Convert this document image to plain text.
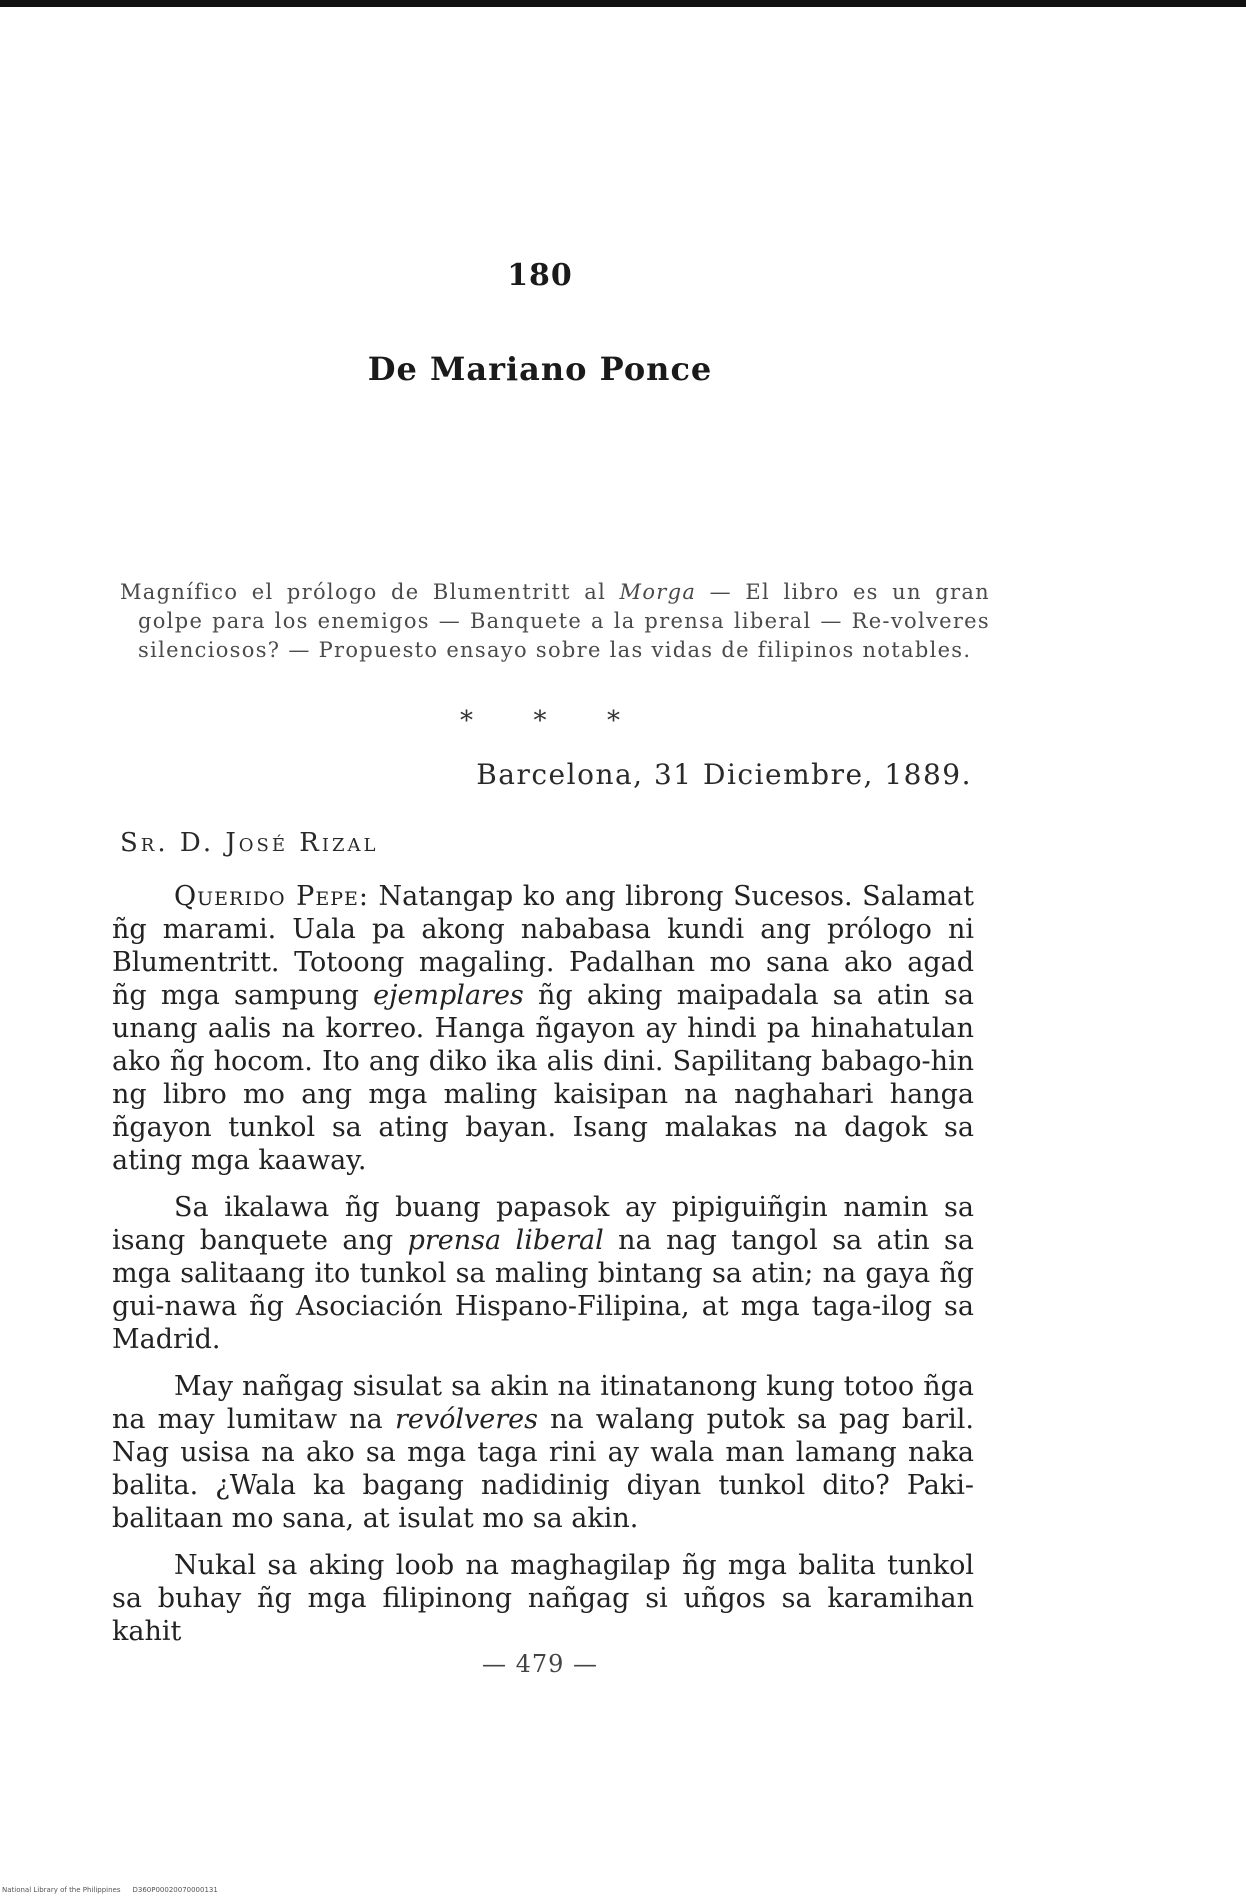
180
De Mariano Ponce
Magnífico el prólogo de Blumentritt al Morga — El libro es un gran golpe para los enemigos — Banquete a la prensa liberal — Re-volveres silenciosos? — Propuesto ensayo sobre las vidas de filipinos notables.
* * *
Barcelona, 31 Diciembre, 1889.
Sr. D. José Rizal

Querido Pepe: Natangap ko ang librong Sucesos. Salamat ñg marami. Uala pa akong nababasa kundi ang prólogo ni Blumentritt. Totoong magaling. Padalhan mo sana ako agad ñg mga sampung ejemplares ñg aking maipadala sa atin sa unang aalis na korreo. Hanga ñgayon ay hindi pa hinahatulan ako ñg hocom. Ito ang diko ika alis dini. Sapilitang babago-hin ng libro mo ang mga maling kaisipan na naghahari hanga ñgayon tunkol sa ating bayan. Isang malakas na dagok sa ating mga kaaway.

Sa ikalawa ñg buang papasok ay pipiguiñgin namin sa isang banquete ang prensa liberal na nag tangol sa atin sa mga salitaang ito tunkol sa maling bintang sa atin; na gaya ñg gui-nawa ñg Asociación Hispano-Filipina, at mga taga-ilog sa Madrid.

May nañgag sisulat sa akin na itinatanong kung totoo ñga na may lumitaw na revólveres na walang putok sa pag baril. Nag usisa na ako sa mga taga rini ay wala man lamang naka balita. ¿Wala ka bagang nadidinig diyan tunkol dito? Paki-balitaan mo sana, at isulat mo sa akin.

Nukal sa aking loob na maghagilap ñg mga balita tunkol sa buhay ñg mga filipinong nañgag si uñgos sa karamihan kahit

— 479 —
National Library of the Philippines D360P00020070000131
